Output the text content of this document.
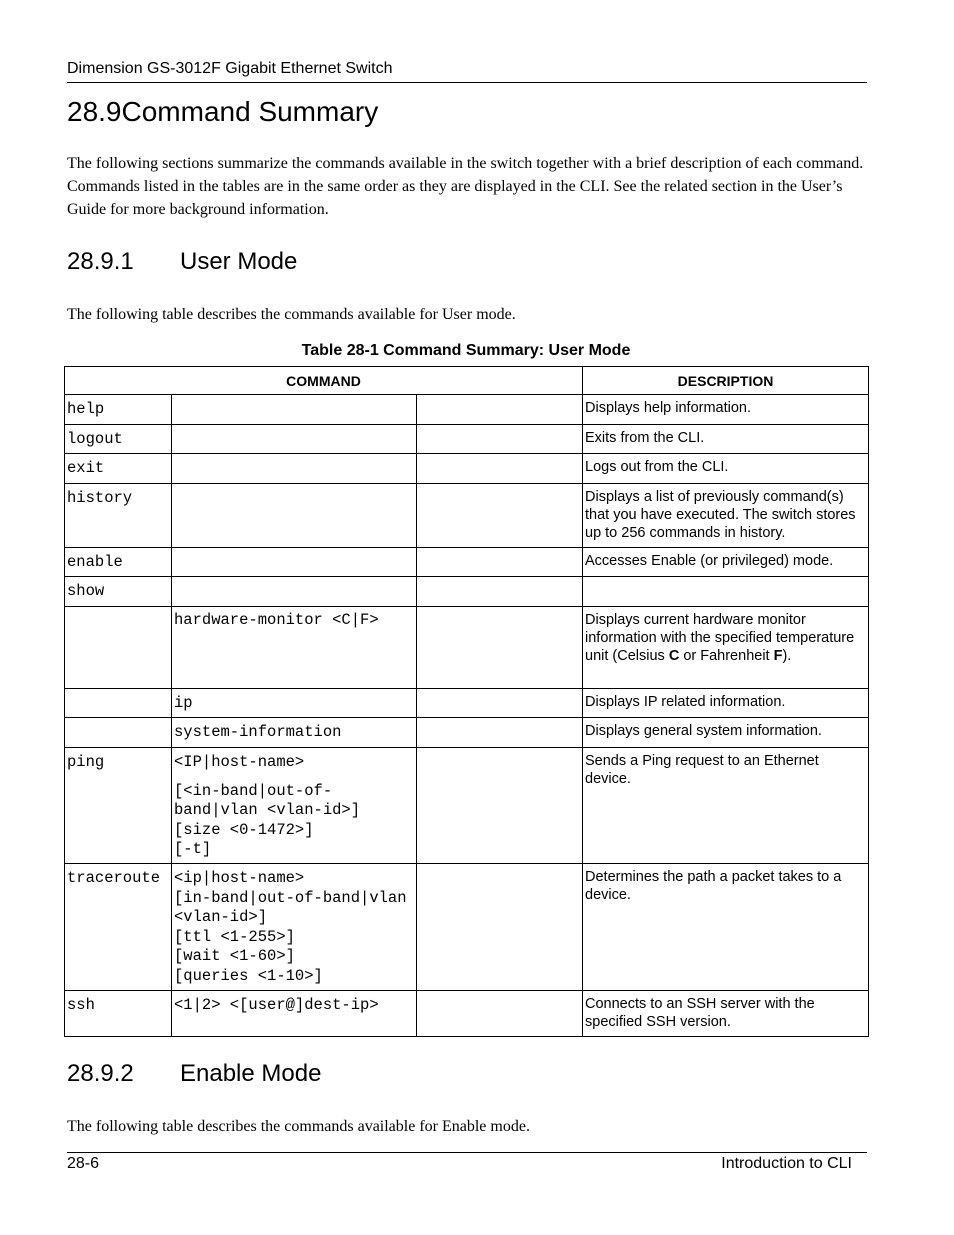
Dimension GS-3012F Gigabit Ethernet Switch
28.9Command Summary
The following sections summarize the commands available in the switch together with a brief description of each command. Commands listed in the tables are in the same order as they are displayed in the CLI. See the related section in the User’s Guide for more background information.
28.9.1 User Mode
The following table describes the commands available for User mode.
Table 28-1 Command Summary: User Mode
COMMAND			DESCRIPTION
help			Displays help information.
logout			Exits from the CLI.
exit			Logs out from the CLI.
history			Displays a list of previously command(s) that you have executed. The switch stores up to 256 commands in history.
enable			Accesses Enable (or privileged) mode.
show			
	hardware-monitor <C|F>		Displays current hardware monitor information with the specified temperature unit (Celsius C or Fahrenheit F).
	ip		Displays IP related information.
	system-information		Displays general system information.
ping	<IP|host-name>
[<in-band|out-of-band|vlan <vlan-id>]
[size <0-1472>]
[-t]		Sends a Ping request to an Ethernet device.
traceroute	<ip|host-name>
[in-band|out-of-band|vlan <vlan-id>]
[ttl <1-255>]
[wait <1-60>]
[queries <1-10>]		Determines the path a packet takes to a device.
ssh	<1|2> <[user@]dest-ip>		Connects to an SSH server with the specified SSH version.
28.9.2 Enable Mode
The following table describes the commands available for Enable mode.
28-6	Introduction to CLI
